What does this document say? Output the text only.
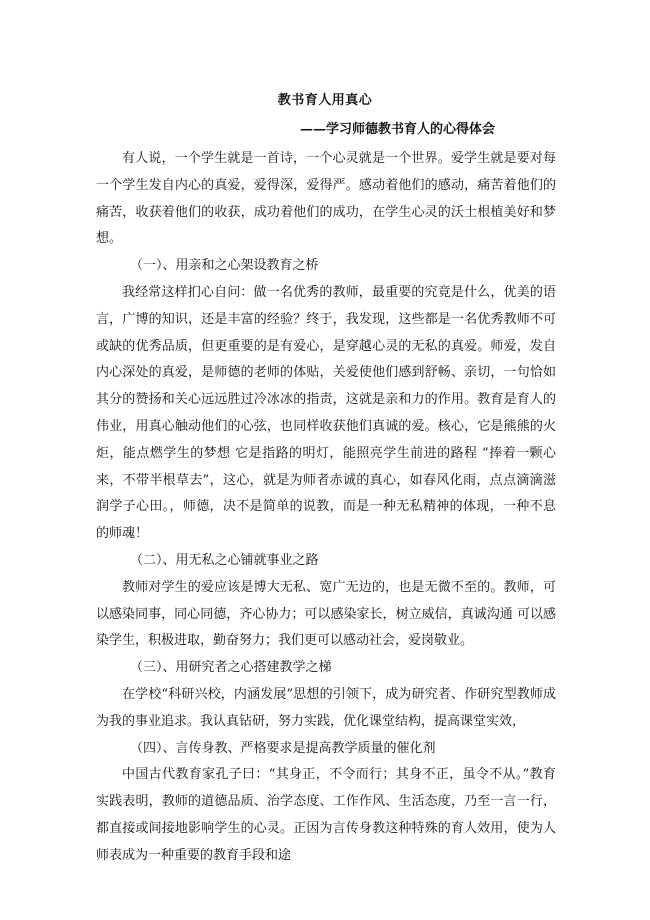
教书育人用真心
——学习师德教书育人的心得体会

有人说，一个学生就是一首诗，一个心灵就是一个世界。爱学生就是要对每一个学生发自内心的真爱，爱得深，爱得严。感动着他们的感动，痛苦着他们的痛苦，收获着他们的收获，成功着他们的成功，在学生心灵的沃土根植美好和梦想。

（一）、用亲和之心架设教育之桥

我经常这样扪心自问：做一名优秀的教师，最重要的究竟是什么，优美的语言，广博的知识，还是丰富的经验？终于，我发现，这些都是一名优秀教师不可或缺的优秀品质，但更重要的是有爱心，是穿越心灵的无私的真爱。师爱，发自内心深处的真爱，是师德的老师的体贴，关爱使他们感到舒畅、亲切，一句恰如其分的赞扬和关心远远胜过冷冰冰的指责，这就是亲和力的作用。教育是育人的伟业，用真心触动他们的心弦，也同样收获他们真诚的爱。核心，它是熊熊的火炬，能点燃学生的梦想 它是指路的明灯，能照亮学生前进的路程 “捧着一颗心来，不带半根草去”，这心，就是为师者赤诚的真心，如春风化雨，点点滴滴滋润学子心田。，师德，决不是简单的说教，而是一种无私精神的体现，一种不息的师魂！

（二）、用无私之心铺就事业之路

教师对学生的爱应该是博大无私、宽广无边的，也是无微不至的。教师，可以感染同事，同心同德，齐心协力；可以感染家长，树立威信，真诚沟通 可以感染学生，积极进取，勤奋努力；我们更可以感动社会，爱岗敬业。

（三）、用研究者之心搭建教学之梯

在学校“科研兴校，内涵发展”思想的引领下，成为研究者、作研究型教师成为我的事业追求。我认真钻研，努力实践，优化课堂结构，提高课堂实效，

（四）、言传身教、严格要求是提高教学质量的催化剂

中国古代教育家孔子曰：“其身正，不令而行；其身不正，虽令不从。”教育实践表明，教师的道德品质、治学态度、工作作风、生活态度，乃至一言一行，都直接或间接地影响学生的心灵。正因为言传身教这种特殊的育人效用，使为人师表成为一种重要的教育手段和途
